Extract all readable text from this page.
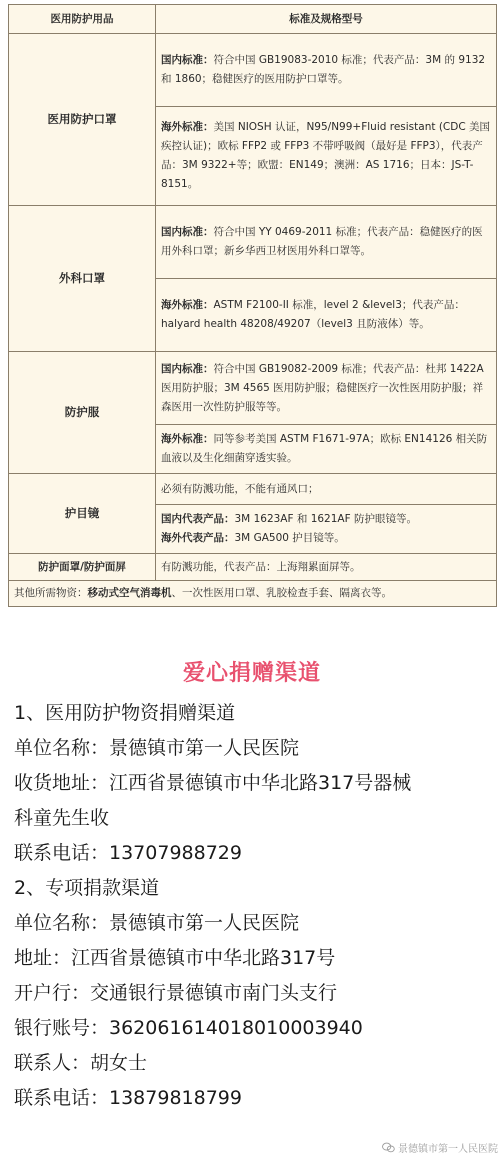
医用防护用品	标准及规格型号
医用防护口罩	国内标准：符合中国 GB19083-2010 标准；代表产品：3M 的 9132 和 1860；稳健医疗的医用防护口罩等。
	海外标准：美国 NIOSH 认证，N95/N99+Fluid resistant (CDC 美国疾控认证)；欧标 FFP2 或 FFP3 不带呼吸阀（最好是 FFP3），代表产品：3M 9322+等；欧盟：EN149；澳洲：AS 1716；日本：JS-T-8151。
外科口罩	国内标准：符合中国 YY 0469-2011 标准；代表产品：稳健医疗的医用外科口罩；新乡华西卫材医用外科口罩等。
	海外标准：ASTM F2100-II 标准，level 2 &level3；代表产品：halyard health 48208/49207（level3 且防液体）等。
防护服	国内标准：符合中国 GB19082-2009 标准；代表产品：杜邦 1422A 医用防护服；3M 4565 医用防护服；稳健医疗一次性医用防护服；祥森医用一次性防护服等等。
	海外标准：同等参考美国 ASTM F1671-97A；欧标 EN14126 相关防血液以及生化细菌穿透实验。
护目镜	必须有防溅功能，不能有通风口；
	国内代表产品：3M 1623AF 和 1621AF 防护眼镜等。
海外代表产品：3M GA500 护目镜等。
防护面罩/防护面屏	有防溅功能，代表产品：上海翔累面屏等。
其他所需物资：移动式空气消毒机、一次性医用口罩、乳胶检查手套、隔离衣等。	
爱心捐赠渠道
1、医用防护物资捐赠渠道
单位名称：景德镇市第一人民医院
收货地址：江西省景德镇市中华北路317号器械
科童先生收
联系电话：13707988729
2、专项捐款渠道
单位名称：景德镇市第一人民医院
地址：江西省景德镇市中华北路317号
开户行：交通银行景德镇市南门头支行
银行账号：36206161401801000394​0
联系人：胡女士
联系电话：13879818799
景德镇市第一人民医院
